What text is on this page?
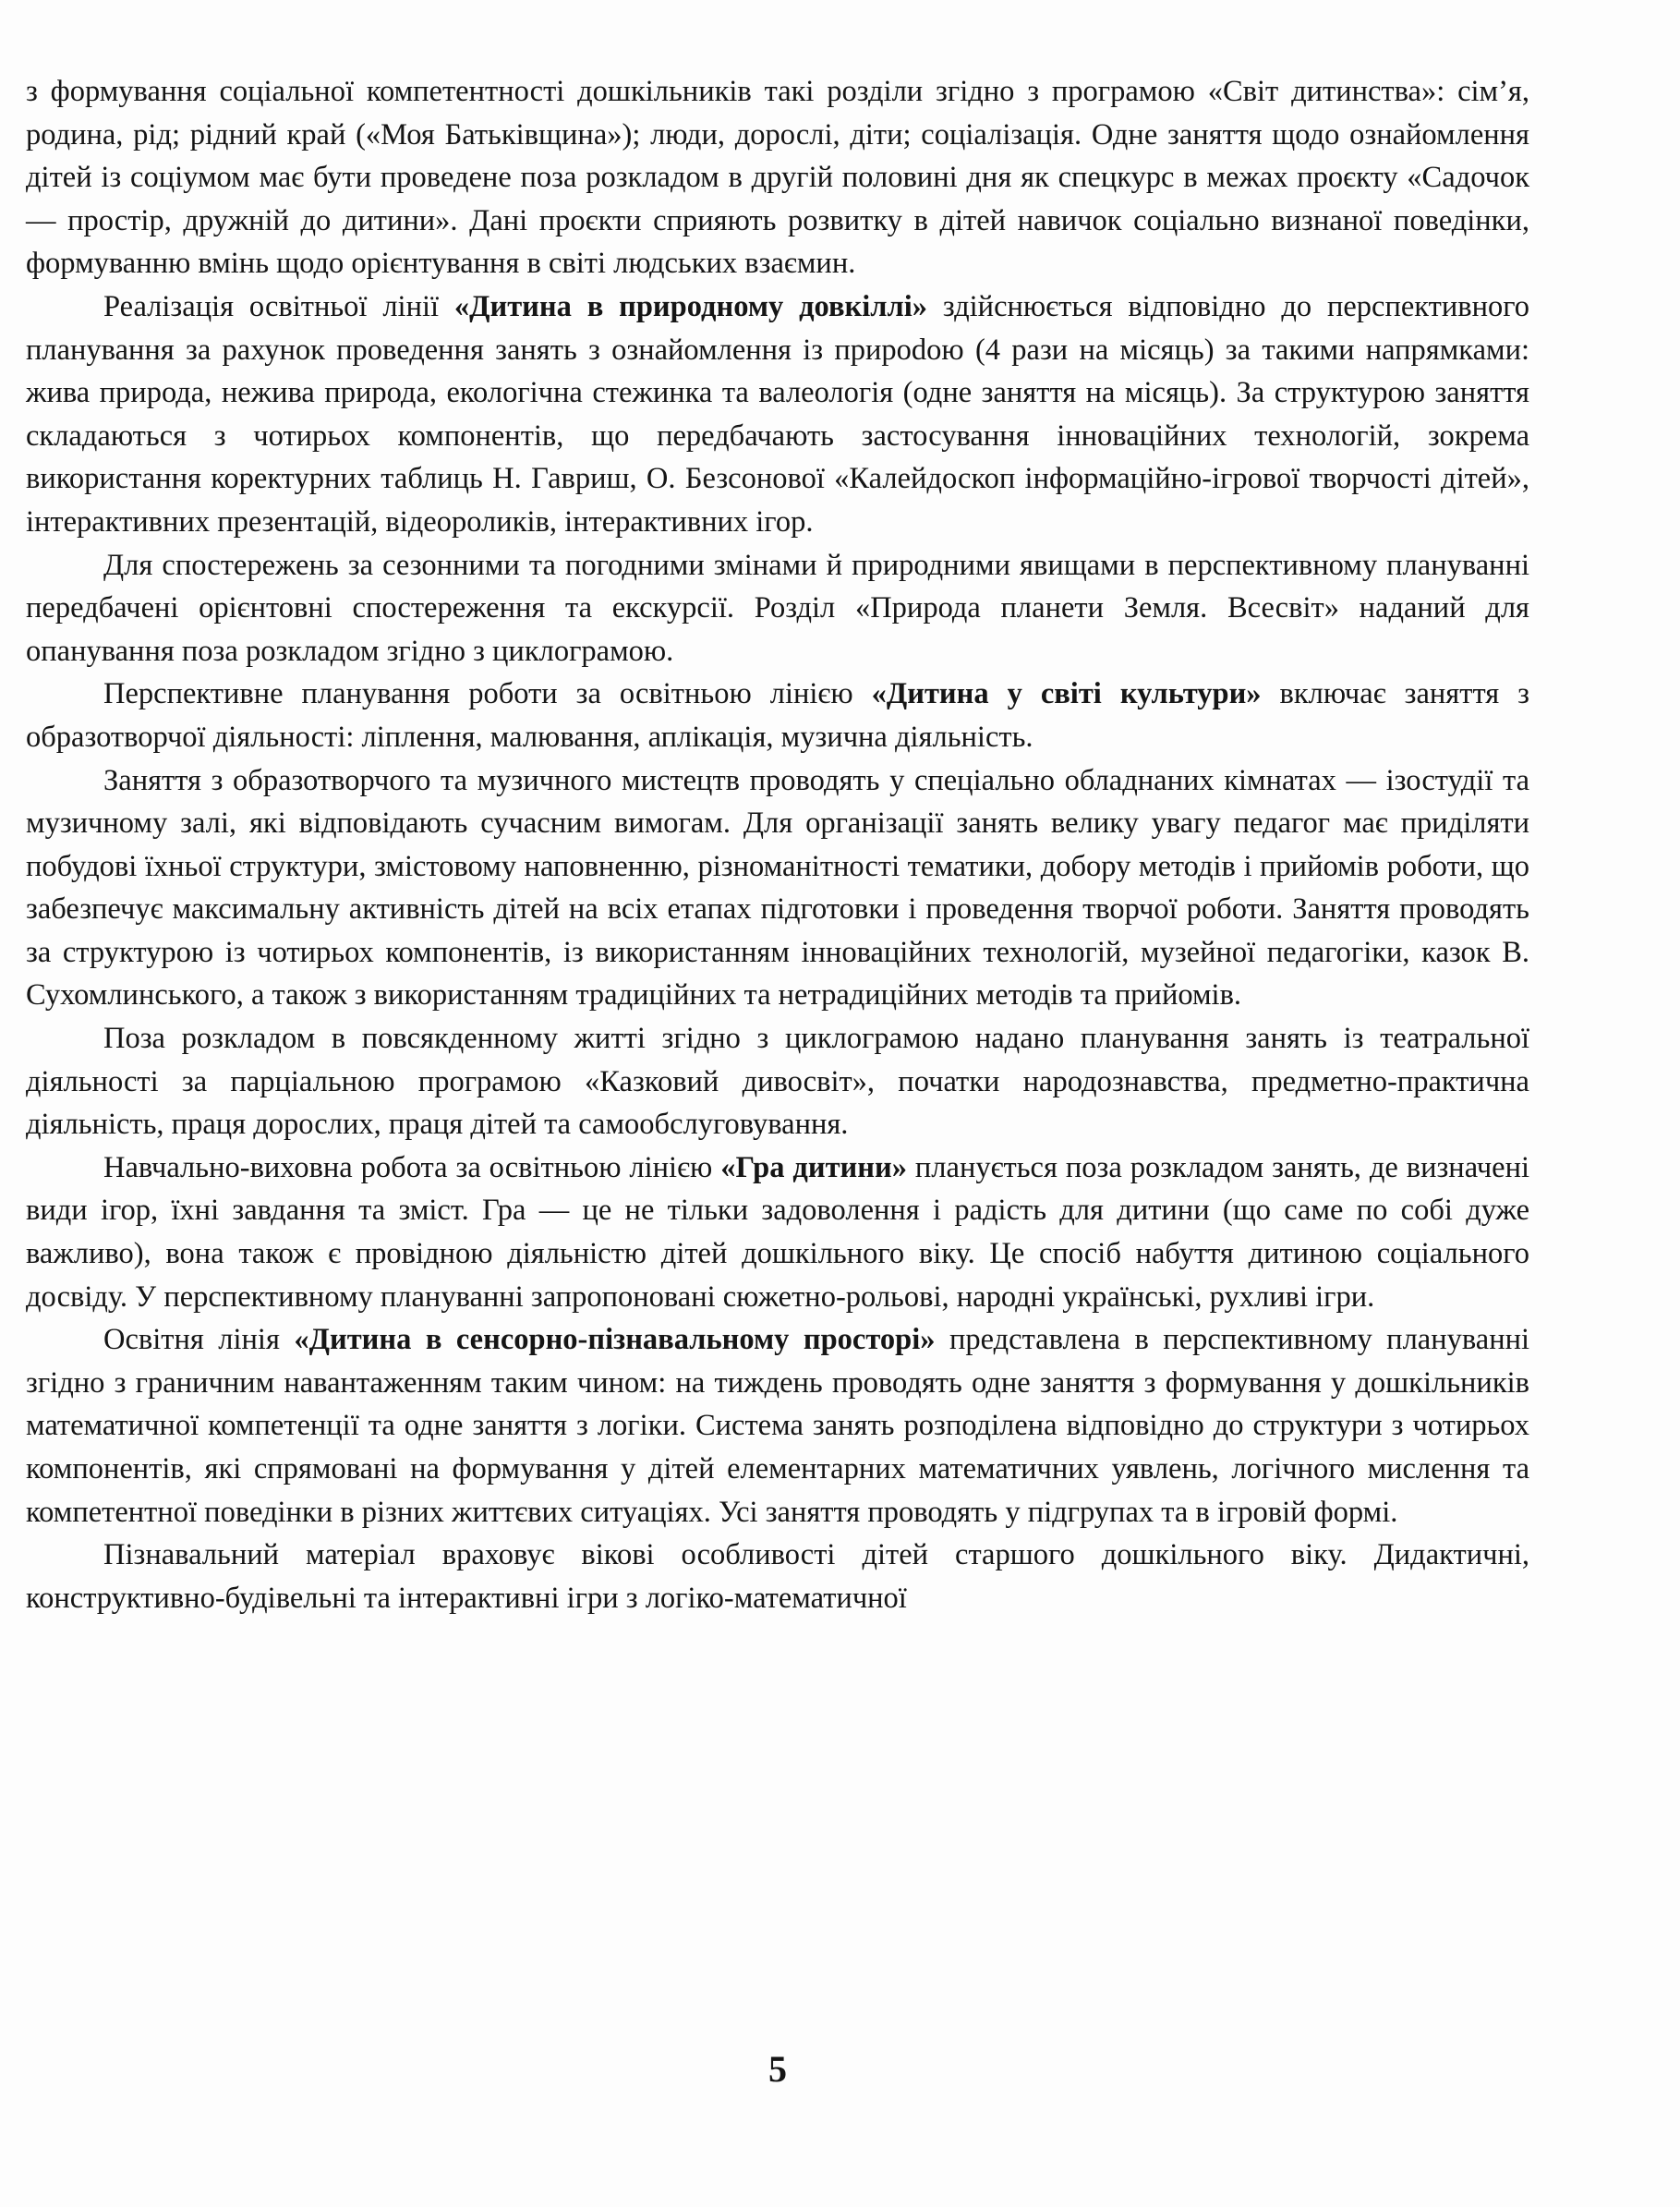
з формування соціальної компетентності дошкільників такі розділи згідно з програмою «Світ дитинства»: сім’я, родина, рід; рідний край («Моя Батьківщина»); люди, дорослі, діти; соціалізація. Одне заняття щодо ознайомлення дітей із соціумом має бути проведене поза розкладом в другій половині дня як спецкурс в межах проєкту «Садочок — простір, дружній до дитини». Дані проєкти сприяють розвитку в дітей навичок соціально визнаної поведінки, формуванню вмінь щодо орієнтування в світі людських взаємин.

Реалізація освітньої лінії «Дитина в природному довкіллі» здійснюється відповідно до перспективного планування за рахунок проведення занять з ознайомлення із прироdою (4 рази на місяць) за такими напрямками: жива природа, нежива природа, екологічна стежинка та валеологія (одне заняття на місяць). За структурою заняття складаються з чотирьох компонентів, що передбачають застосування інноваційних технологій, зокрема використання коректурних таблиць Н. Гавриш, О. Безсонової «Калейдоскоп інформаційно-ігрової творчості дітей», інтерактивних презентацій, відеороликів, інтерактивних ігор.

Для спостережень за сезонними та погодними змінами й природними явищами в перспективному плануванні передбачені орієнтовні спостереження та екскурсії. Розділ «Природа планети Земля. Всесвіт» наданий для опанування поза розкладом згідно з циклограмою.

Перспективне планування роботи за освітньою лінією «Дитина у світі культури» включає заняття з образотворчої діяльності: ліплення, малювання, аплікація, музична діяльність.

Заняття з образотворчого та музичного мистецтв проводять у спеціально обладнаних кімнатах — ізостудії та музичному залі, які відповідають сучасним вимогам. Для організації занять велику увагу педагог має приділяти побудові їхньої структури, змістовому наповненню, різноманітності тематики, добору методів і прийомів роботи, що забезпечує максимальну активність дітей на всіх етапах підготовки і проведення творчої роботи. Заняття проводять за структурою із чотирьох компонентів, із використанням інноваційних технологій, музейної педагогіки, казок В. Сухомлинського, а також з використанням традиційних та нетрадиційних методів та прийомів.

Поза розкладом в повсякденному житті згідно з циклограмою надано планування занять із театральної діяльності за парціальною програмою «Казковий дивосвіт», початки народознавства, предметно-практична діяльність, праця дорослих, праця дітей та самообслуговування.

Навчально-виховна робота за освітньою лінією «Гра дитини» планується поза розкладом занять, де визначені види ігор, їхні завдання та зміст. Гра — це не тільки задоволення і радість для дитини (що саме по собі дуже важливо), вона також є провідною діяльністю дітей дошкільного віку. Це спосіб набуття дитиною соціального досвіду. У перспективному плануванні запропоновані сюжетно-рольові, народні українські, рухливі ігри.

Освітня лінія «Дитина в сенсорно-пізнавальному просторі» представлена в перспективному плануванні згідно з граничним навантаженням таким чином: на тиждень проводять одне заняття з формування у дошкільників математичної компетенції та одне заняття з логіки. Система занять розподілена відповідно до структури з чотирьох компонентів, які спрямовані на формування у дітей елементарних математичних уявлень, логічного мислення та компетентної поведінки в різних життєвих ситуаціях. Усі заняття проводять у підгрупах та в ігровій формі.

Пізнавальний матеріал враховує вікові особливості дітей старшого дошкільного віку. Дидактичні, конструктивно-будівельні та інтерактивні ігри з логіко-математичної

5
